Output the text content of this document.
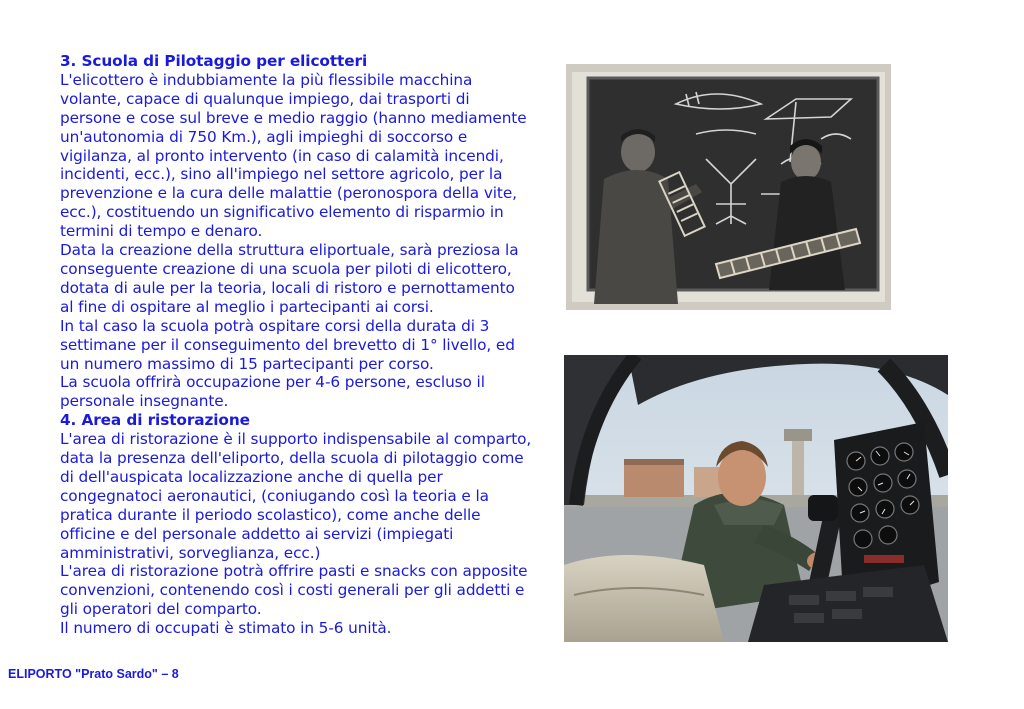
3. Scuola di Pilotaggio per elicotteri
L'elicottero è indubbiamente la più flessibile macchina
volante, capace di qualunque impiego, dai trasporti di
persone e cose sul breve e medio raggio (hanno mediamente
un'autonomia di 750 Km.), agli impieghi di soccorso e
vigilanza, al pronto intervento (in caso di calamità incendi,
incidenti, ecc.), sino all'impiego nel settore agricolo, per la
prevenzione e la cura delle malattie (peronospora della vite,
ecc.), costituendo un significativo elemento di risparmio in
termini di tempo e denaro.
Data la creazione della struttura eliportuale, sarà preziosa la
conseguente creazione di una scuola per piloti di elicottero,
dotata di aule per la teoria, locali di ristoro e pernottamento
al fine di ospitare al meglio i partecipanti ai corsi.
In tal caso la scuola potrà ospitare corsi della durata di 3
settimane per il conseguimento del brevetto di 1° livello, ed
un numero massimo di 15 partecipanti per corso.
La scuola offrirà occupazione per 4-6 persone, escluso il
personale insegnante.
4. Area di ristorazione
L'area di ristorazione è il supporto indispensabile al comparto,
data la presenza dell'eliporto, della scuola di pilotaggio come
di dell'auspicata localizzazione anche di quella per
congegnatoci aeronautici, (coniugando così la teoria e la
pratica durante il periodo scolastico), come anche delle
officine e del personale addetto ai servizi (impiegati
amministrativi, sorveglianza, ecc.)
L'area di ristorazione potrà offrire pasti e snacks con apposite
convenzioni, contenendo così i costi generali per gli addetti e
gli operatori del comparto.
Il numero di occupati è stimato in 5-6 unità.
ELIPORTO "Prato Sardo" – 8
